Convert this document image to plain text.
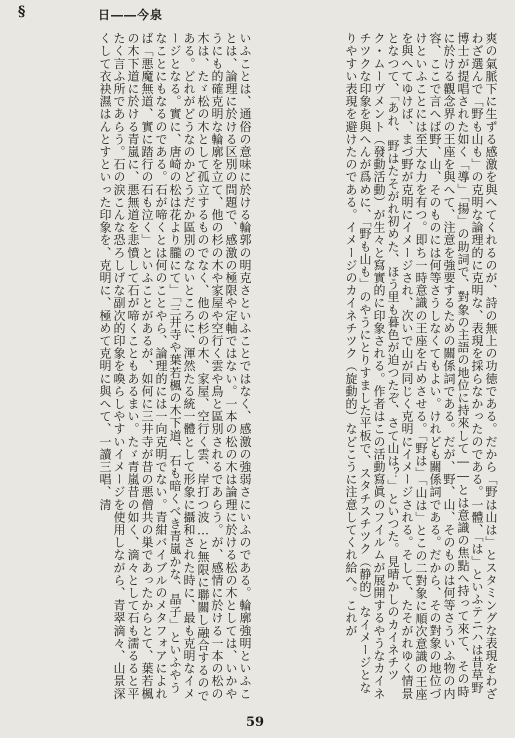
§	日――今泉
いふことは、通俗の意味に於ける輪郭の明克さといふことではなく、感激の強弱さにいふのである。輪廓強明といふことは、論理に於ける区別の問題で、感激の極限や定軸ではない。一本の松の木は論理に於ける松の木としては、いかやうにも的確克明な輪廓を立て、他の杉の木や家屋や空行く雲や鳥と區別されるであらう。が、感情に於ける一本の松の木は、たゞ松の木として孤立するものでなく、他の杉の木、家屋、空行く雲、岸打つ波…と無限に聯關し融合するのである。どれがどうなのかどうだか區別のないところに、渾然たる統一體として形象に攝和された時に、最も克明なイメージとなる。實に、唐崎の松は花より朧にて」「三井寺や葉若楓の木下道、石も暗くべき青嵐かな、晶子」といふやうなことにもなるのである。石が啼くとは何のことやら、論理的には一向克明でない。青紺バイブルのメタフォアによれば「悪魔無道、實に踏行の石も泣く」といふことがあるが、如何に三井寺が昔の悪僧共の巣であったからとて、葉若楓の木下道に於ける青嵐に、悪無道を悲憤して石が啼くこともあるまい。たゞ青嵐昔の如く、滴々として石も濡るると平たく言ふ所であらう。石の涙こんな恐ろしげな副次的印象を喚らしやすいイメージを使用しながら、青翠滴々、山景深くして衣袂濕はんとすといった印象を、克明に、極めて克明に與へて、一讀三唱、清	爽の氣脈下に生ずる感激を與へてくれるのが、詩の無上の功徳である。だから「野は山は」とスタミングな表現をわざわざ選んで「野も山も」の克明な論理的に克明な、表現を採らなかったのである。一體、「は」といふテニハは昔草野博士が提唱された如く「導」「揚」の助詞で、對象の主語の地位に持來して――とは意識の焦點へ持って來て、その時に於ける觀念界の王座を與へて、注意を強要するための關係詞である。だが、野、山、そのものは何等さういふ物の内容、ここで言へば野、山、そのものには何等さうしなくてもよい。けれども關係詞である。だから、その對象の地位づけといふことには至大な力を有つ。即ち一時意識の王座を占めさせる。「野は」「山は」とこの二對象に順次意識の王座を與へてゆけば、まづ野が克明にイメージされ、次いで山が同じく克明にイメージされる。そして、たそがれゆく情景となつて、「あれ、野はたそがれ初めた、ほう里も暮色が迫つたぞ、さて山は？」といつた。見晴かしのカイネチツク・ムーヴメント（發動活動）が生々と寫實的に印象される。作者はこの活動寫眞のフイルムが展開するやうなカイネチツクな印象を與へんが爲めに、「野も山も」のやうにとりすました平板で、スタチスチツク（静的）なイメージとなりやすい表現を避けたのである。イメージのカイネチツク（旋動的）などこうに注意してくれ給へ。これが
59
